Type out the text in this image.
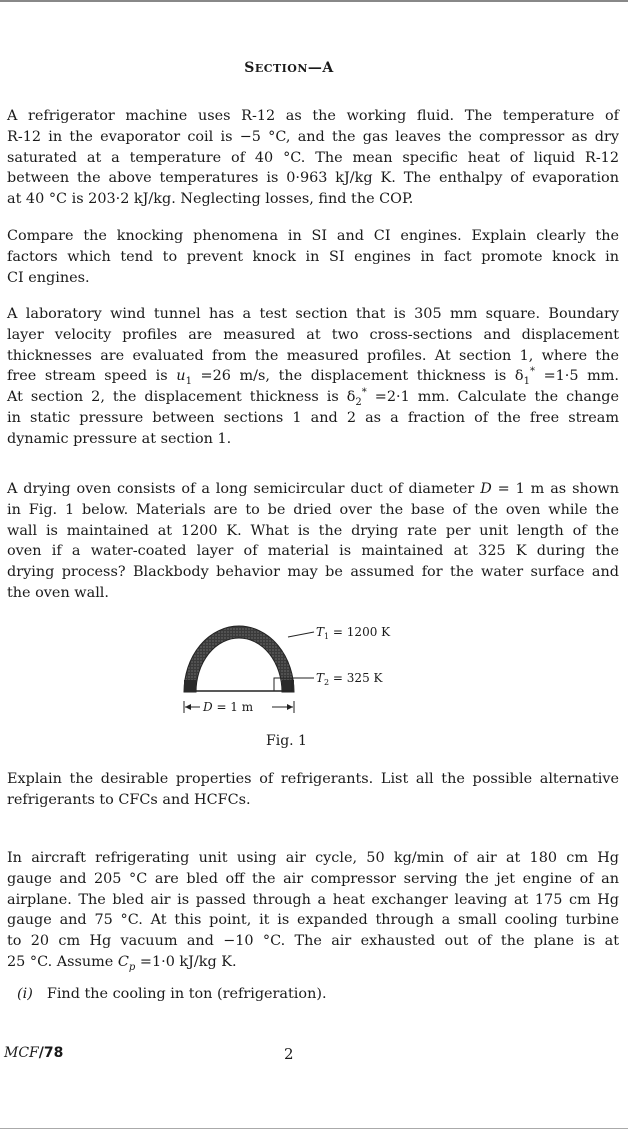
SECTION—A
A refrigerator machine uses R-12 as the working fluid. The temperature of
R-12 in the evaporator coil is −5 °C, and the gas leaves the compressor as dry
saturated at a temperature of 40 °C. The mean specific heat of liquid R-12
between the above temperatures is 0·963 kJ/kg K. The enthalpy of evaporation
at 40 °C is 203·2 kJ/kg. Neglecting losses, find the COP.
Compare the knocking phenomena in SI and CI engines. Explain clearly the
factors which tend to prevent knock in SI engines in fact promote knock in
CI engines.
A laboratory wind tunnel has a test section that is 305 mm square. Boundary
layer velocity profiles are measured at two cross-sections and displacement
thicknesses are evaluated from the measured profiles. At section 1, where the
free stream speed is $u_1 =26$ m/s, the displacement thickness is $\delta_1^* =1\cdot 5$ mm.
At section 2, the displacement thickness is $\delta_2^* =2\cdot 1$ mm. Calculate the change
in static pressure between sections 1 and 2 as a fraction of the free stream
dynamic pressure at section 1.
A drying oven consists of a long semicircular duct of diameter D = 1 m as shown
in Fig. 1 below. Materials are to be dried over the base of the oven while the
wall is maintained at 1200 K. What is the drying rate per unit length of the
oven if a water-coated layer of material is maintained at 325 K during the
drying process? Blackbody behavior may be assumed for the water surface and
the oven wall.
$T_1 = 1200$ K
$T_2 = 325$ K
D = 1 m
Fig. 1
Explain the desirable properties of refrigerants. List all the possible alternative
refrigerants to CFCs and HCFCs.
In aircraft refrigerating unit using air cycle, 50 kg/min of air at 180 cm Hg
gauge and 205 °C are bled off the air compressor serving the jet engine of an
airplane. The bled air is passed through a heat exchanger leaving at 175 cm Hg
gauge and 75 °C. At this point, it is expanded through a small cooling turbine
to 20 cm Hg vacuum and −10 °C. The air exhausted out of the plane is at
25 °C. Assume $C_p =1\cdot 0$ kJ/kg K.
(i) Find the cooling in ton (refrigeration).
MCF/78	2
